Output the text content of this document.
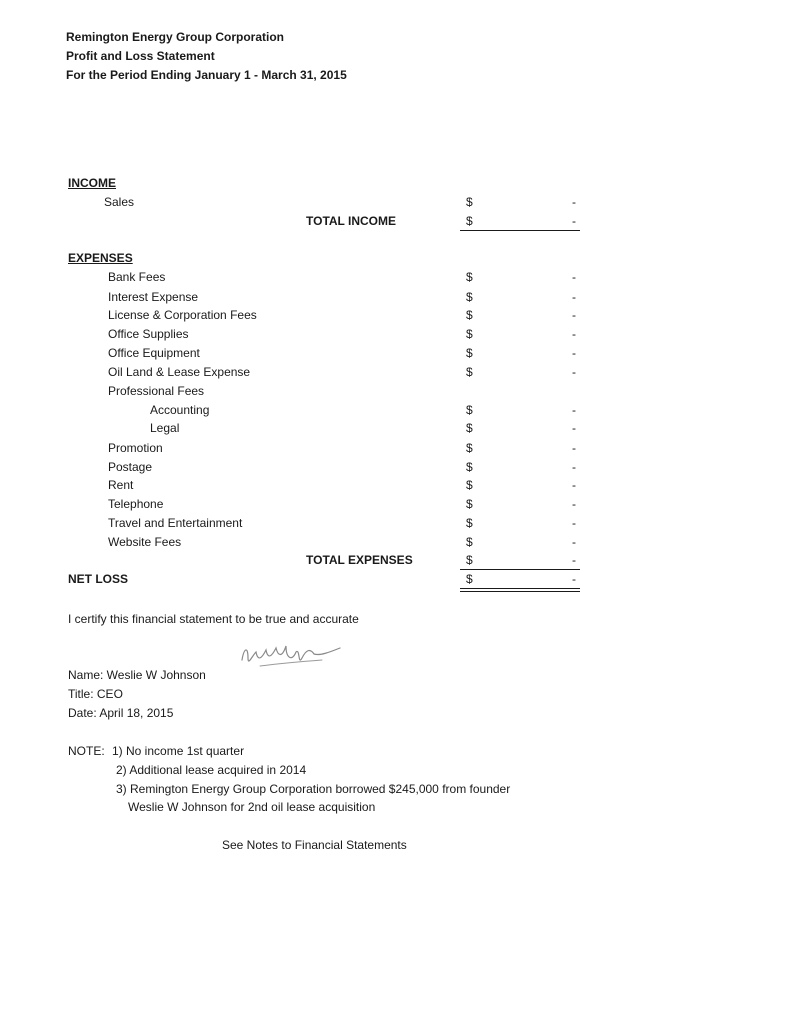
Remington Energy Group Corporation
Profit and Loss Statement
For the Period Ending January 1 - March 31, 2015
INCOME
Sales	$	-
TOTAL INCOME	$	-
EXPENSES
Bank Fees	$	-
Interest Expense	$	-
License & Corporation Fees	$	-
Office Supplies	$	-
Office Equipment	$	-
Oil Land & Lease Expense	$	-
Professional Fees
Accounting	$	-
Legal	$	-
Promotion	$	-
Postage	$	-
Rent	$	-
Telephone	$	-
Travel and Entertainment	$	-
Website Fees	$	-
TOTAL EXPENSES	$	-
NET LOSS	$	-
I certify this financial statement to be true and accurate
Name: Weslie W Johnson
Title: CEO
Date: April 18, 2015
NOTE: 1) No income 1st quarter
2) Additional lease acquired in 2014
3) Remington Energy Group Corporation borrowed $245,000 from founder
Weslie W Johnson for 2nd oil lease acquisition
See Notes to Financial Statements
